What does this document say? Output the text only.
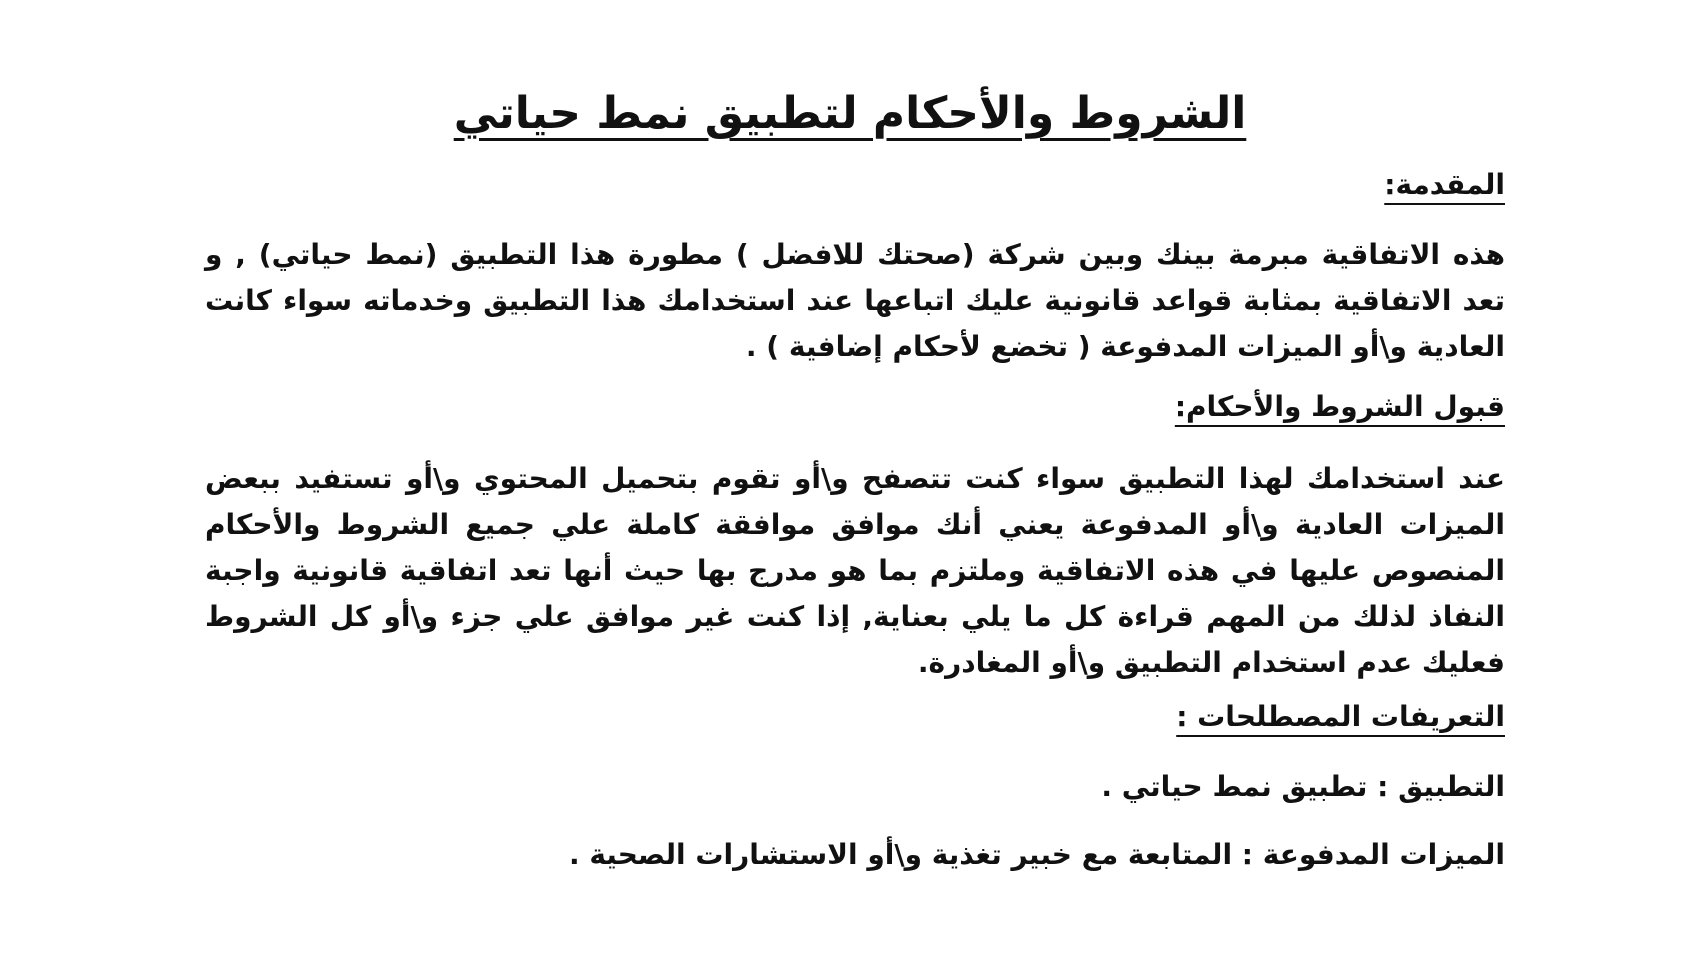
الشروط والأحكام لتطبيق نمط حياتي
المقدمة:

هذه الاتفاقية مبرمة بينك وبين شركة (صحتك للافضل ) مطورة هذا التطبيق (نمط حياتي) , و تعد الاتفاقية بمثابة قواعد قانونية عليك اتباعها عند استخدامك هذا التطبيق وخدماته سواء كانت العادية و\أو الميزات المدفوعة ( تخضع لأحكام إضافية ) .

قبول الشروط والأحكام:

عند استخدامك لهذا التطبيق سواء كنت تتصفح و\أو تقوم بتحميل المحتوي و\أو تستفيد ببعض الميزات العادية و\أو المدفوعة يعني أنك موافق موافقة كاملة علي جميع الشروط والأحكام المنصوص عليها في هذه الاتفاقية وملتزم بما هو مدرج بها حيث أنها تعد اتفاقية قانونية واجبة النفاذ لذلك من المهم قراءة كل ما يلي بعناية, إذا كنت غير موافق علي جزء و\أو كل الشروط فعليك عدم استخدام التطبيق و\أو المغادرة.

التعريفات المصطلحات :

التطبيق : تطبيق نمط حياتي .

الميزات المدفوعة : المتابعة مع خبير تغذية و\أو الاستشارات الصحية .
